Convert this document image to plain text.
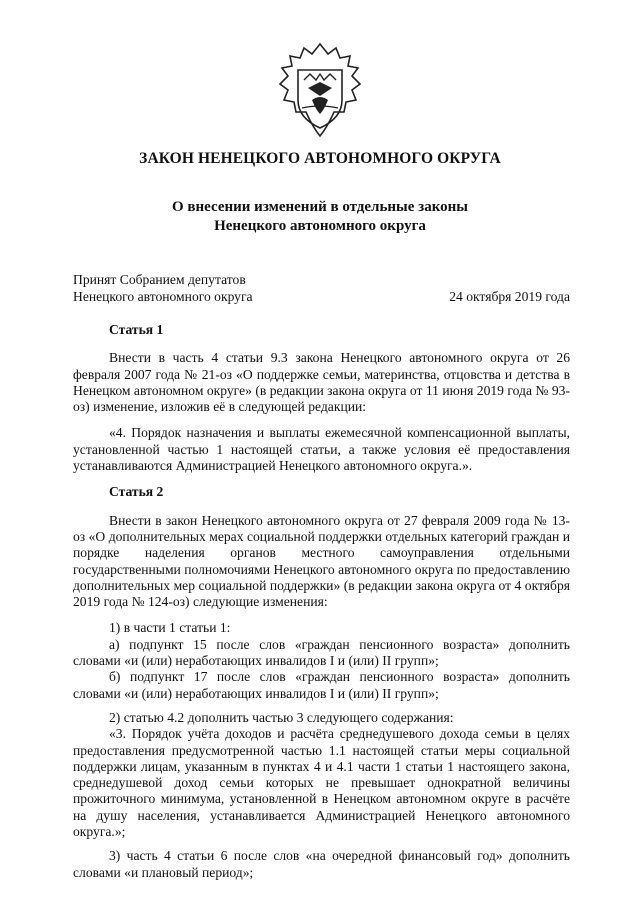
ЗАКОН НЕНЕЦКОГО АВТОНОМНОГО ОКРУГА
О внесении изменений в отдельные законы
Ненецкого автономного округа
Принят Собранием депутатов
Ненецкого автономного округа	24 октября 2019 года
Статья 1

Внести в часть 4 статьи 9.3 закона Ненецкого автономного округа от 26 февраля 2007 года № 21-оз «О поддержке семьи, материнства, отцовства и детства в Ненецком автономном округе» (в редакции закона округа от 11 июня 2019 года № 93-оз) изменение, изложив её в следующей редакции:

«4. Порядок назначения и выплаты ежемесячной компенсационной выплаты, установленной частью 1 настоящей статьи, а также условия её предоставления устанавливаются Администрацией Ненецкого автономного округа.».

Статья 2

Внести в закон Ненецкого автономного округа от 27 февраля 2009 года № 13-оз «О дополнительных мерах социальной поддержки отдельных категорий граждан и порядке наделения органов местного самоуправления отдельными государственными полномочиями Ненецкого автономного округа по предоставлению дополнительных мер социальной поддержки» (в редакции закона округа от 4 октября 2019 года № 124-оз) следующие изменения:

1) в части 1 статьи 1:

а) подпункт 15 после слов «граждан пенсионного возраста» дополнить словами «и (или) неработающих инвалидов I и (или) II групп»;

б) подпункт 17 после слов «граждан пенсионного возраста» дополнить словами «и (или) неработающих инвалидов I и (или) II групп»;

2) статью 4.2 дополнить частью 3 следующего содержания:

«3. Порядок учёта доходов и расчёта среднедушевого дохода семьи в целях предоставления предусмотренной частью 1.1 настоящей статьи меры социальной поддержки лицам, указанным в пунктах 4 и 4.1 части 1 статьи 1 настоящего закона, среднедушевой доход семьи которых не превышает однократной величины прожиточного минимума, установленной в Ненецком автономном округе в расчёте на душу населения, устанавливается Администрацией Ненецкого автономного округа.»;

3) часть 4 статьи 6 после слов «на очередной финансовый год» дополнить словами «и плановый период»;
